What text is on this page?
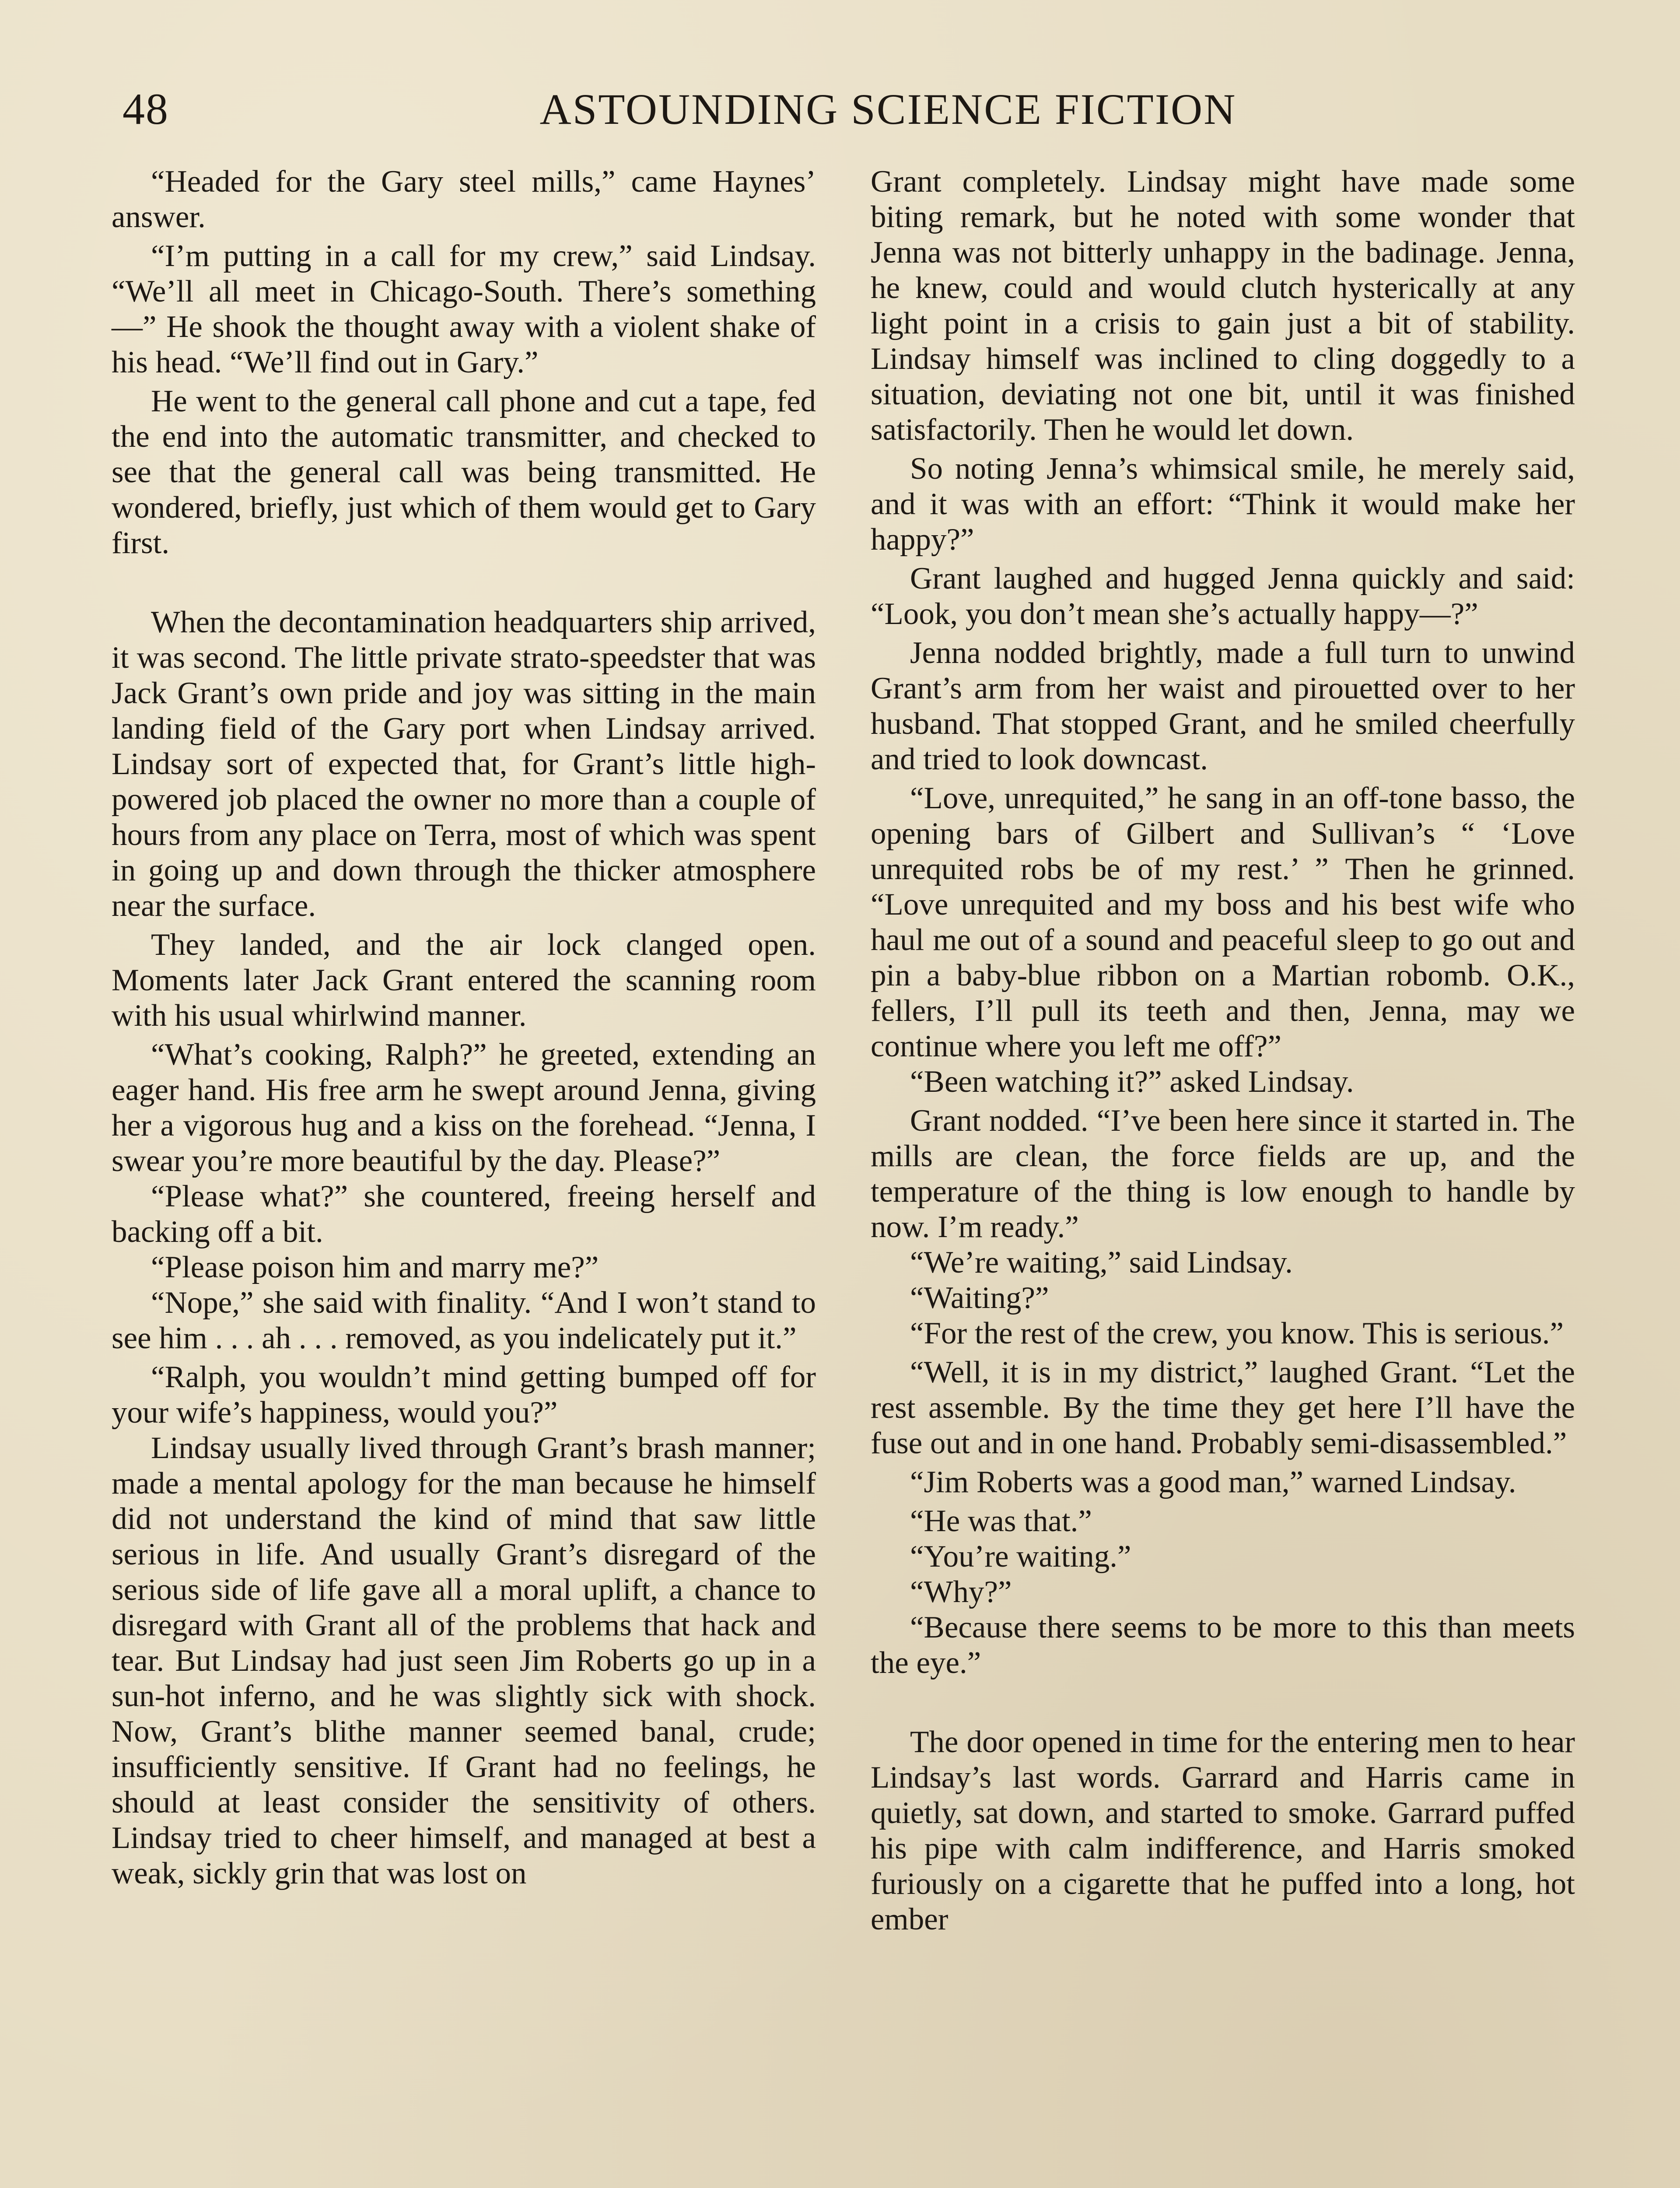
48	ASTOUNDING SCIENCE FICTION

“Headed for the Gary steel mills,” came Haynes’ answer.

“I’m putting in a call for my crew,” said Lindsay. “We’ll all meet in Chicago-South. There’s something—” He shook the thought away with a violent shake of his head. “We’ll find out in Gary.”

He went to the general call phone and cut a tape, fed the end into the automatic transmitter, and checked to see that the general call was being transmitted. He wondered, briefly, just which of them would get to Gary first.

When the decontamination headquarters ship arrived, it was second. The little private strato-speedster that was Jack Grant’s own pride and joy was sitting in the main landing field of the Gary port when Lindsay arrived. Lindsay sort of expected that, for Grant’s little high-powered job placed the owner no more than a couple of hours from any place on Terra, most of which was spent in going up and down through the thicker atmosphere near the surface.

They landed, and the air lock clanged open. Moments later Jack Grant entered the scanning room with his usual whirlwind manner.

“What’s cooking, Ralph?” he greeted, extending an eager hand. His free arm he swept around Jenna, giving her a vigorous hug and a kiss on the forehead. “Jenna, I swear you’re more beautiful by the day. Please?”

“Please what?” she countered, freeing herself and backing off a bit.

“Please poison him and marry me?”

“Nope,” she said with finality. “And I won’t stand to see him . . . ah . . . removed, as you indelicately put it.”

“Ralph, you wouldn’t mind getting bumped off for your wife’s happiness, would you?”

Lindsay usually lived through Grant’s brash manner; made a mental apology for the man because he himself did not understand the kind of mind that saw little serious in life. And usually Grant’s disregard of the serious side of life gave all a moral uplift, a chance to disregard with Grant all of the problems that hack and tear. But Lindsay had just seen Jim Roberts go up in a sun-hot inferno, and he was slightly sick with shock. Now, Grant’s blithe manner seemed banal, crude; insufficiently sensitive. If Grant had no feelings, he should at least consider the sensitivity of others. Lindsay tried to cheer himself, and managed at best a weak, sickly grin that was lost on

Grant completely. Lindsay might have made some biting remark, but he noted with some wonder that Jenna was not bitterly unhappy in the badinage. Jenna, he knew, could and would clutch hysterically at any light point in a crisis to gain just a bit of stability. Lindsay himself was inclined to cling doggedly to a situation, deviating not one bit, until it was finished satisfactorily. Then he would let down.

So noting Jenna’s whimsical smile, he merely said, and it was with an effort: “Think it would make her happy?”

Grant laughed and hugged Jenna quickly and said: “Look, you don’t mean she’s actually happy—?”

Jenna nodded brightly, made a full turn to unwind Grant’s arm from her waist and pirouetted over to her husband. That stopped Grant, and he smiled cheerfully and tried to look downcast.

“Love, unrequited,” he sang in an off-tone basso, the opening bars of Gilbert and Sullivan’s “ ‘Love unrequited robs be of my rest.’ ” Then he grinned. “Love unrequited and my boss and his best wife who haul me out of a sound and peaceful sleep to go out and pin a baby-blue ribbon on a Martian robomb. O.K., fellers, I’ll pull its teeth and then, Jenna, may we continue where you left me off?”

“Been watching it?” asked Lindsay.

Grant nodded. “I’ve been here since it started in. The mills are clean, the force fields are up, and the temperature of the thing is low enough to handle by now. I’m ready.”

“We’re waiting,” said Lindsay.

“Waiting?”

“For the rest of the crew, you know. This is serious.”

“Well, it is in my district,” laughed Grant. “Let the rest assemble. By the time they get here I’ll have the fuse out and in one hand. Probably semi-disassembled.”

“Jim Roberts was a good man,” warned Lindsay.

“He was that.”

“You’re waiting.”

“Why?”

“Because there seems to be more to this than meets the eye.”

The door opened in time for the entering men to hear Lindsay’s last words. Garrard and Harris came in quietly, sat down, and started to smoke. Garrard puffed his pipe with calm indifference, and Harris smoked furiously on a cigarette that he puffed into a long, hot ember
